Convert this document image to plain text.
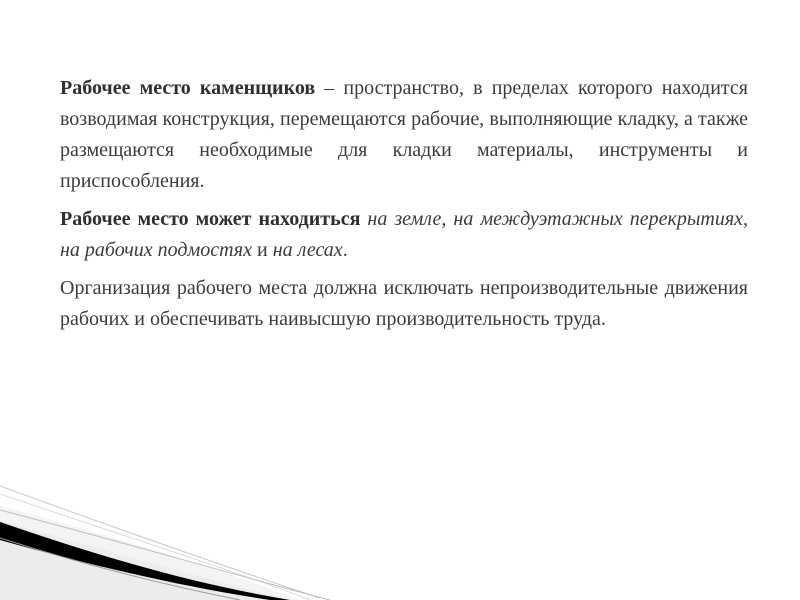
Рабочее место каменщиков – пространство, в пределах которого находится возводимая конструкция, перемещаются рабочие, выполняющие кладку, а также размещаются необходимые для кладки материалы, инструменты и приспособления.

Рабочее место может находиться на земле, на междуэтажных перекрытиях, на рабочих подмостях и на лесах.

Организация рабочего места должна исключать непроизводительные движения рабочих и обеспечивать наивысшую производительность труда.
